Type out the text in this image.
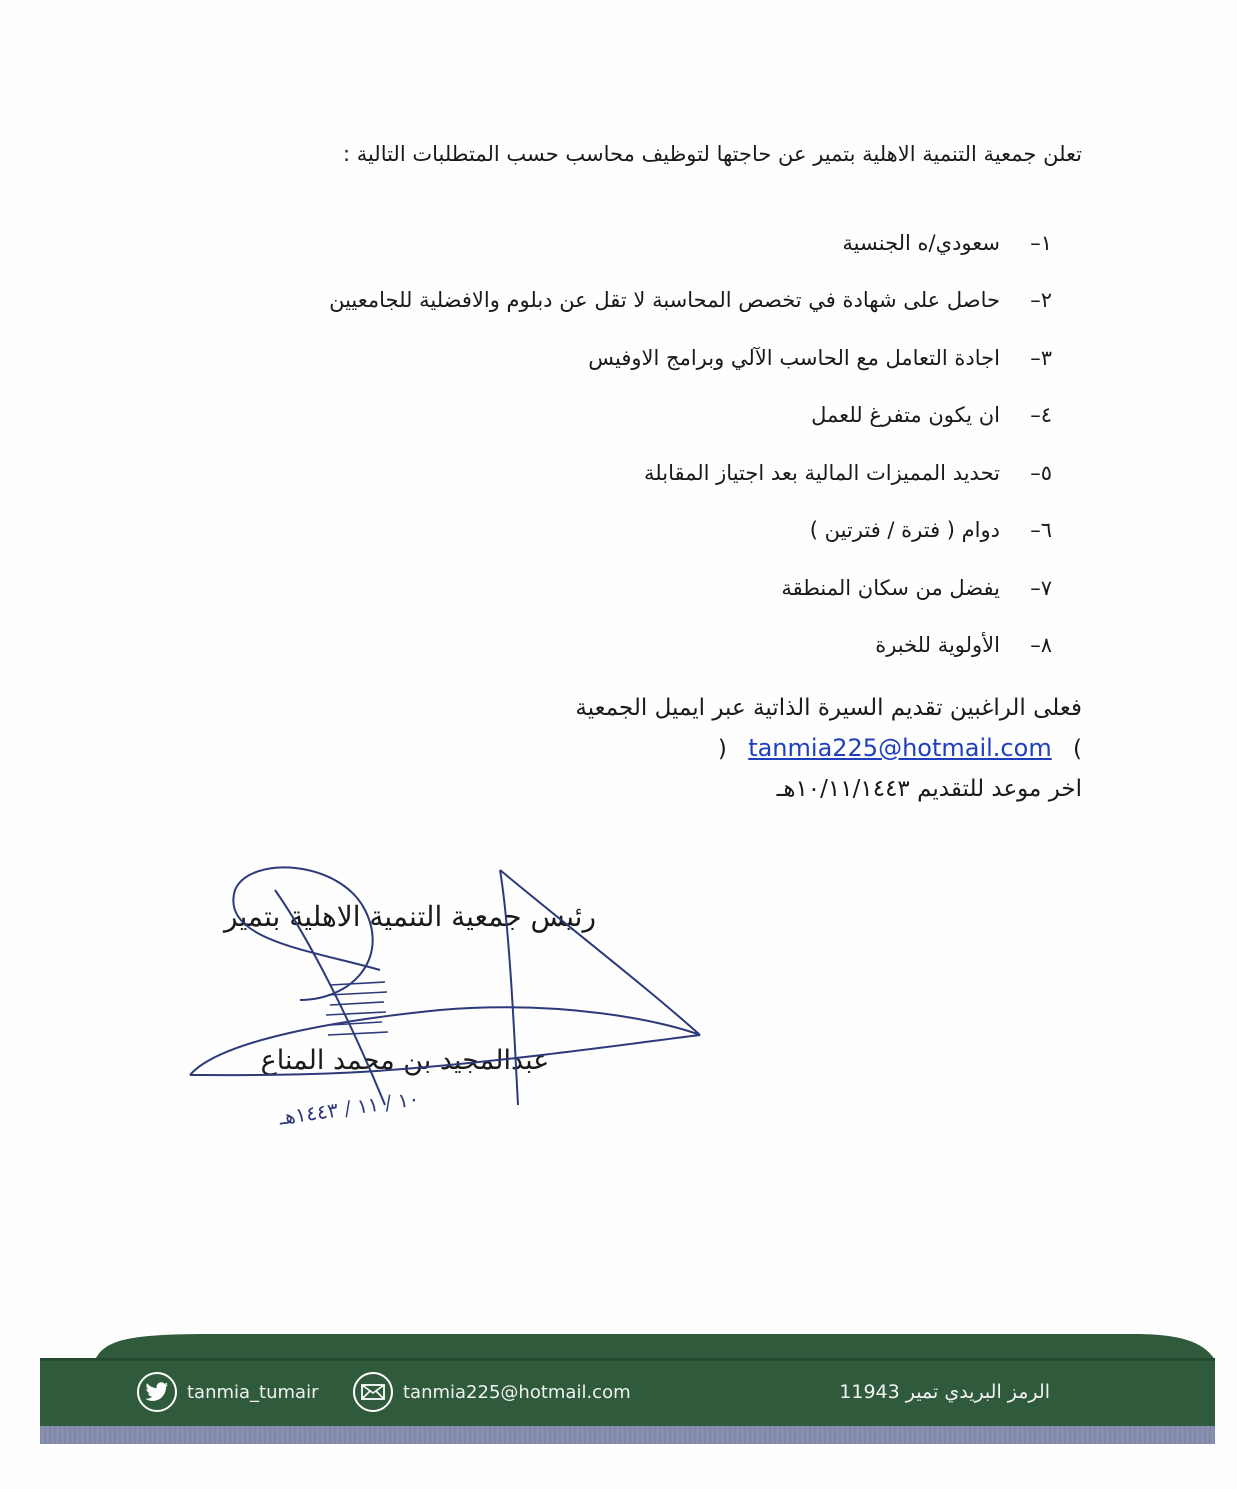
تعلن جمعية التنمية الاهلية بتمير عن حاجتها لتوظيف محاسب حسب المتطلبات التالية :
١–
سعودي/ه الجنسية
٢–
حاصل على شهادة في تخصص المحاسبة لا تقل عن دبلوم والافضلية للجامعيين
٣–
اجادة التعامل مع الحاسب الآلي وبرامج الاوفيس
٤–
ان يكون متفرغ للعمل
٥–
تحديد المميزات المالية بعد اجتياز المقابلة
٦–
دوام ( فترة / فترتين )
٧–
يفضل من سكان المنطقة
٨–
الأولوية للخبرة
فعلى الراغبين تقديم السيرة الذاتية عبر ايميل الجمعية
) tanmia225@hotmail.com (
اخر موعد للتقديم ١٠/١١/١٤٤٣هـ
رئيس جمعية التنمية الاهلية بتمير
عبدالمجيد بن محمد المناع
١٠ / ١١ / ١٤٤٣هـ
tanmia_tumair	tanmia225@hotmail.com	الرمز البريدي تمير 11943
